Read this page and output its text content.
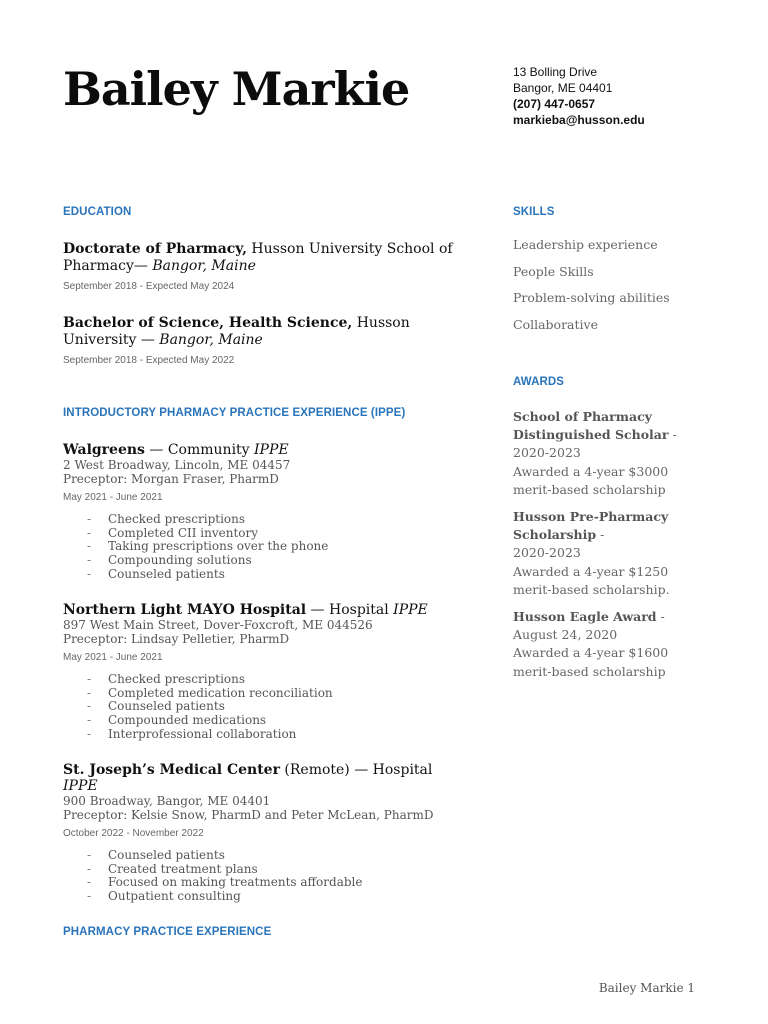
Bailey Markie	13 Bolling Drive
Bangor, ME 04401
(207) 447-0657
markieba@husson.edu
EDUCATION
Doctorate of Pharmacy, Husson University School of Pharmacy— Bangor, Maine
September 2018 - Expected May 2024
Bachelor of Science, Health Science, Husson University — Bangor, Maine
September 2018 - Expected May 2022
INTRODUCTORY PHARMACY PRACTICE EXPERIENCE (IPPE)
Walgreens — Community IPPE
2 West Broadway, Lincoln, ME 04457
Preceptor: Morgan Fraser, PharmD
May 2021 - June 2021
- Checked prescriptions
- Completed CII inventory
- Taking prescriptions over the phone
- Compounding solutions
- Counseled patients
Northern Light MAYO Hospital — Hospital IPPE
897 West Main Street, Dover-Foxcroft, ME 044526
Preceptor: Lindsay Pelletier, PharmD
May 2021 - June 2021
- Checked prescriptions
- Completed medication reconciliation
- Counseled patients
- Compounded medications
- Interprofessional collaboration
St. Joseph’s Medical Center (Remote) — Hospital IPPE
900 Broadway, Bangor, ME 04401
Preceptor: Kelsie Snow, PharmD and Peter McLean, PharmD
October 2022 - November 2022
- Counseled patients
- Created treatment plans
- Focused on making treatments affordable
- Outpatient consulting
PHARMACY PRACTICE EXPERIENCE
SKILLS
Leadership experience
People Skills
Problem-solving abilities
Collaborative
AWARDS
School of Pharmacy
Distinguished Scholar -
2020-2023
Awarded a 4-year $3000
merit-based scholarship
Husson Pre-Pharmacy
Scholarship -
2020-2023
Awarded a 4-year $1250
merit-based scholarship.
Husson Eagle Award -
August 24, 2020
Awarded a 4-year $1600
merit-based scholarship
Bailey Markie 1
